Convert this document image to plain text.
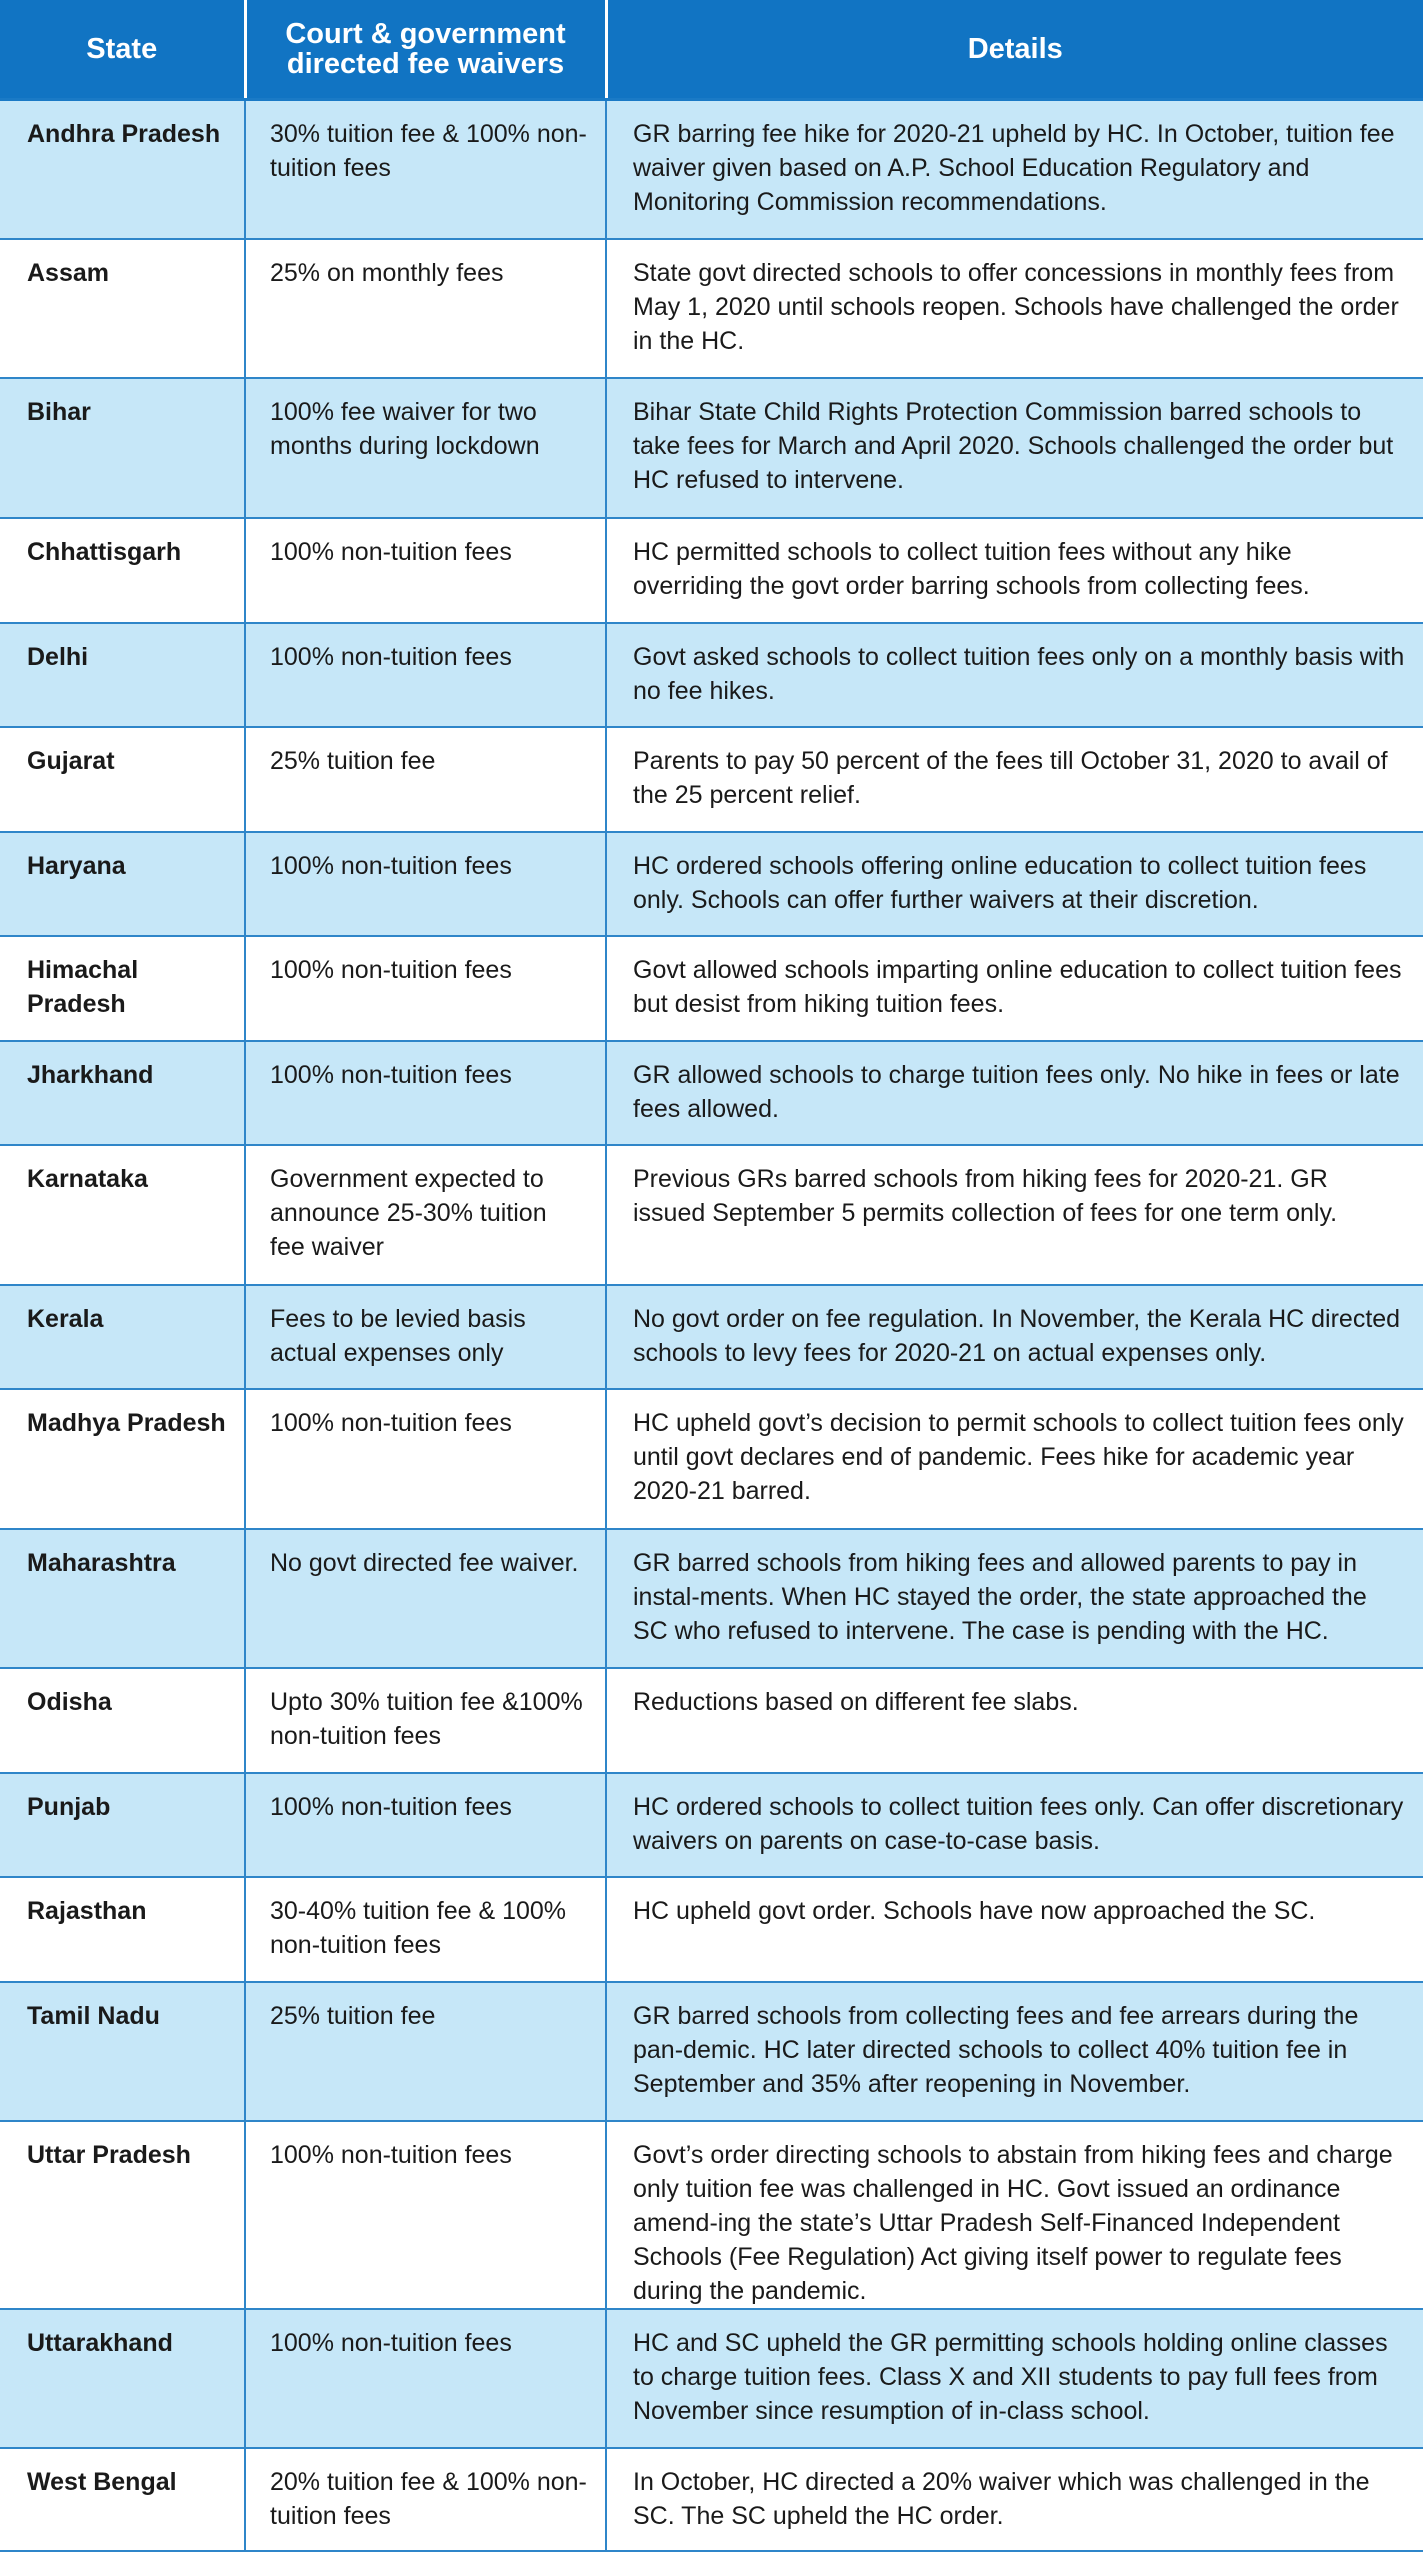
State	Court & government directed fee waivers	Details
Andhra Pradesh	30% tuition fee & 100% non-tuition fees	GR barring fee hike for 2020-21 upheld by HC. In October, tuition fee waiver given based on A.P. School Education Regulatory and Monitoring Commission recommendations.
Assam	25% on monthly fees	State govt directed schools to offer concessions in monthly fees from May 1, 2020 until schools reopen. Schools have challenged the order in the HC.
Bihar	100% fee waiver for two months during lockdown	Bihar State Child Rights Protection Commission barred schools to take fees for March and April 2020. Schools challenged the order but HC refused to intervene.
Chhattisgarh	100% non-tuition fees	HC permitted schools to collect tuition fees without any hike overriding the govt order barring schools from collecting fees.
Delhi	100% non-tuition fees	Govt asked schools to collect tuition fees only on a monthly basis with no fee hikes.
Gujarat	25% tuition fee	Parents to pay 50 percent of the fees till October 31, 2020 to avail of the 25 percent relief.
Haryana	100% non-tuition fees	HC ordered schools offering online education to collect tuition fees only. Schools can offer further waivers at their discretion.
Himachal Pradesh	100% non-tuition fees	Govt allowed schools imparting online education to collect tuition fees but desist from hiking tuition fees.
Jharkhand	100% non-tuition fees	GR allowed schools to charge tuition fees only. No hike in fees or late fees allowed.
Karnataka	Government expected to announce 25-30% tuition fee waiver	Previous GRs barred schools from hiking fees for 2020-21. GR issued September 5 permits collection of fees for one term only.
Kerala	Fees to be levied basis actual expenses only	No govt order on fee regulation. In November, the Kerala HC directed schools to levy fees for 2020-21 on actual expenses only.
Madhya Pradesh	100% non-tuition fees	HC upheld govt’s decision to permit schools to collect tuition fees only until govt declares end of pandemic. Fees hike for academic year 2020-21 barred.
Maharashtra	No govt directed fee waiver.	GR barred schools from hiking fees and allowed parents to pay in instal-ments. When HC stayed the order, the state approached the SC who refused to intervene. The case is pending with the HC.
Odisha	Upto 30% tuition fee &100% non-tuition fees	Reductions based on different fee slabs.
Punjab	100% non-tuition fees	HC ordered schools to collect tuition fees only. Can offer discretionary waivers on parents on case-to-case basis.
Rajasthan	30-40% tuition fee & 100% non-tuition fees	HC upheld govt order. Schools have now approached the SC.
Tamil Nadu	25% tuition fee	GR barred schools from collecting fees and fee arrears during the pan-demic. HC later directed schools to collect 40% tuition fee in September and 35% after reopening in November.
Uttar Pradesh	100% non-tuition fees	Govt’s order directing schools to abstain from hiking fees and charge only tuition fee was challenged in HC. Govt issued an ordinance amend-ing the state’s Uttar Pradesh Self-Financed Independent Schools (Fee Regulation) Act giving itself power to regulate fees during the pandemic.
Uttarakhand	100% non-tuition fees	HC and SC upheld the GR permitting schools holding online classes to charge tuition fees. Class X and XII students to pay full fees from November since resumption of in-class school.
West Bengal	20% tuition fee & 100% non-tuition fees	In October, HC directed a 20% waiver which was challenged in the SC. The SC upheld the HC order.
